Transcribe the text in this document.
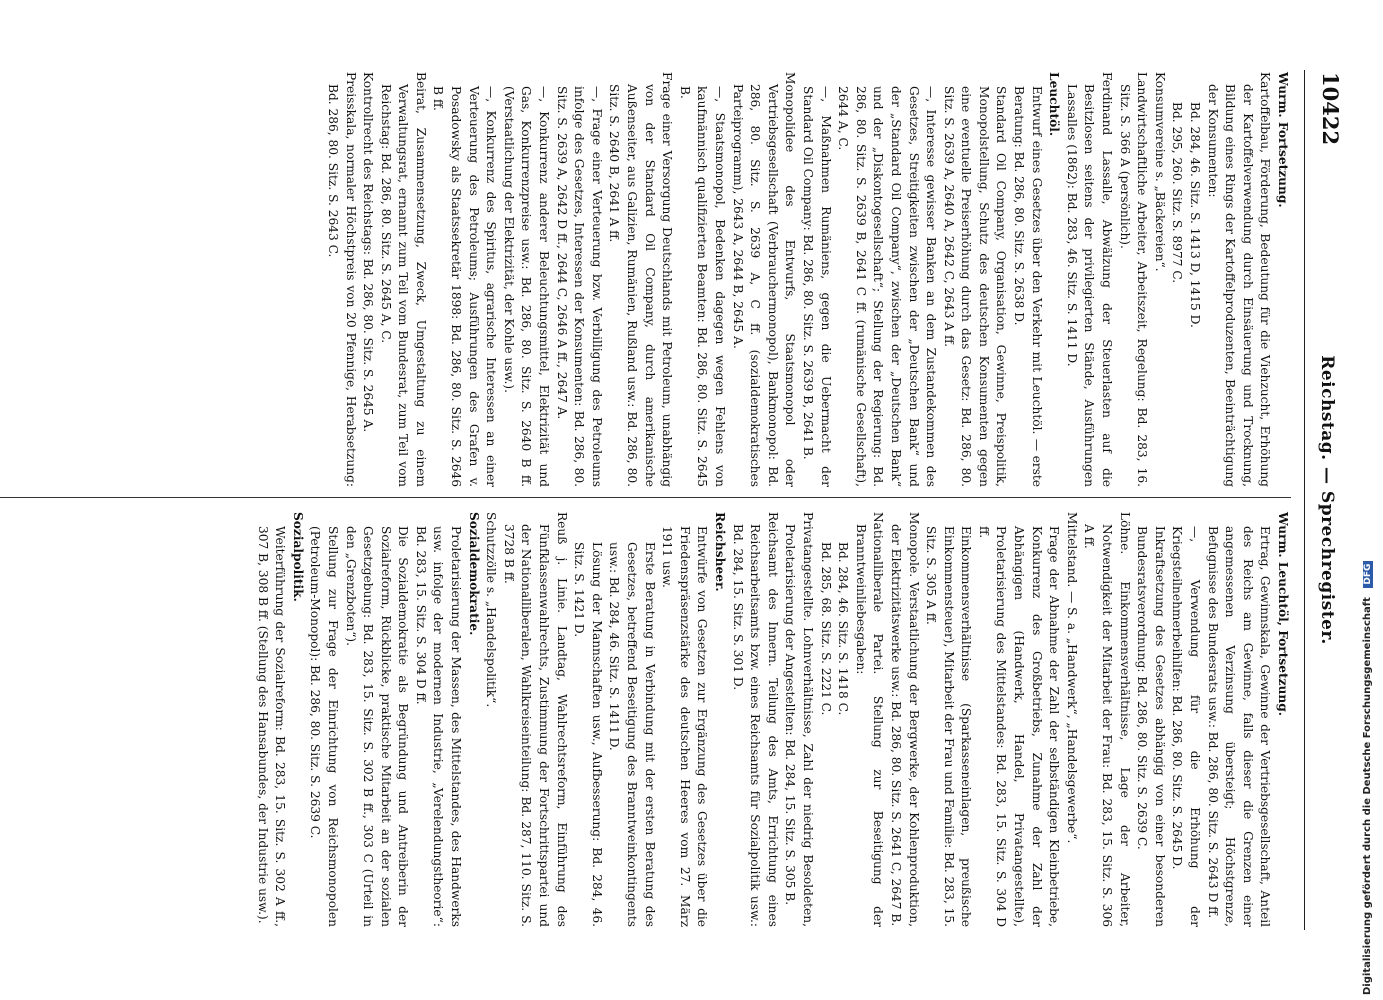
10422
Reichstag. — Sprechregister.

Wurm. Fortsetzung.

Kartoffelbau, Förderung, Bedeutung für die Viehzucht, Erhöhung der Kartoffelverwendung durch Einsäuerung und Trocknung, Bildung eines Rings der Kartoffelproduzenten, Beeinträchtigung der Konsumenten:

Bd. 284, 46. Sitz. S. 1413 D, 1415 D.

Bd. 295, 260. Sitz. S. 8977 C.

Konsumvereine s. „Bäckereien“.

Landwirtschaftliche Arbeiter, Arbeitszeit, Regelung: Bd. 283, 16. Sitz. S. 366 A (persönlich).

Ferdinand Lassalle, Abwälzung der Steuerlasten auf die Besitzlosen seitens der privilegierten Stände, Ausführungen Lassalles (1862): Bd. 283, 46. Sitz. S. 1411 D.

Leuchtöl.

Entwurf eines Gesetzes über den Verkehr mit Leuchtöl. — erste Beratung: Bd. 286, 80. Sitz. S. 2638 D.

Standard Oil Company, Organisation, Gewinne, Preispolitik, Monopolstellung, Schutz des deutschen Konsumenten gegen eine eventuelle Preiserhöhung durch das Gesetz: Bd. 286, 80. Sitz. S. 2639 A, 2640 A, 2642 C, 2643 A ff.

—, Interesse gewisser Banken an dem Zustandekommen des Gesetzes, Streitigkeiten zwischen der „Deutschen Bank“ und der „Standard Oil Company“, zwischen der „Deutschen Bank“ und der „Diskontogesellschaft“; Stellung der Regierung: Bd. 286, 80. Sitz. S. 2639 B, 2641 C ff. (rumänische Gesellschaft), 2644 A, C.

—, Maßnahmen Rumäniens, gegen die Uebermacht der Standard Oil Company: Bd. 286, 80. Sitz. S. 2639 B, 2641 B.

Monopolidee des Entwurfs, Staatsmonopol oder Vertriebsgesellschaft (Verbrauchermonopol), Bankmonopol: Bd. 286, 80. Sitz. S. 2639 A, C ff. (sozialdemokratisches Parteiprogramm), 2643 A, 2644 B, 2645 A.

—, Staatsmonopol, Bedenken dagegen wegen Fehlens von kaufmännisch qualifizierten Beamten: Bd. 286, 80. Sitz. S. 2645 B.

Frage einer Versorgung Deutschlands mit Petroleum, unabhängig von der Standard Oil Company, durch amerikanische Außenseiter, aus Galizien, Rumänien, Rußland usw.: Bd. 286, 80. Sitz. S. 2640 B, 2641 A ff.

—, Frage einer Verteuerung bzw. Verbilligung des Petroleums infolge des Gesetzes, Interessen der Konsumenten: Bd. 286, 80. Sitz. S. 2639 A, 2642 D ff., 2644 C, 2646 A ff., 2647 A.

—, Konkurrenz anderer Beleuchtungsmittel, Elektrizität und Gas, Konkurrenzpreise usw.: Bd. 286, 80. Sitz. S. 2640 B ff. (Verstaatlichung der Elektrizität, der Kohle usw.).

—, Konkurrenz des Spiritus, agrarische Interessen an einer Verteuerung des Petroleums; Ausführungen des Grafen v. Posadowsky als Staatssekretär 1898: Bd. 286, 80. Sitz. S. 2646 B ff.

Beirat, Zusammensetzung, Zweck, Umgestaltung zu einem Verwaltungsrat, ernannt zum Teil vom Bundesrat, zum Teil vom Reichstag: Bd. 286, 80. Sitz. S. 2645 A, C.

Kontrollrecht des Reichstags: Bd. 286, 80. Sitz. S. 2645 A.

Preisskala, normaler Höchstpreis von 20 Pfennige, Herabsetzung: Bd. 286, 80. Sitz. S. 2643 C.

Wurm. Leuchtöl, Fortsetzung.

Ertrag, Gewinnskala, Gewinne der Vertriebsgesellschaft, Anteil des Reichs am Gewinne, falls dieser die Grenzen einer angemessenen Verzinsung übersteigt; Höchstgrenze, Befugnisse des Bundesrats usw.: Bd. 286, 80. Sitz. S. 2643 D ff.

—, Verwendung für die Erhöhung der Kriegsteilnehmerbeihilfen: Bd. 286, 80. Sitz. S. 2645 D.

Inkraftsetzung des Gesetzes abhängig von einer besonderen Bundesratsverordnung: Bd. 286, 80. Sitz. S. 2639 C.

Löhne. Einkommensverhältnisse, Lage der Arbeiter, Notwendigkeit der Mitarbeit der Frau: Bd. 283, 15. Sitz. S. 306 A ff.

Mittelstand. — S. a. „Handwerk“, „Handelsgewerbe“.

Frage der Abnahme der Zahl der selbständigen Kleinbetriebe, Konkurrenz des Großbetriebs, Zunahme der Zahl der Abhängigen (Handwerk, Handel, Privatangestellte), Proletarisierung des Mittelstandes: Bd. 283, 15. Sitz. S. 304 D ff.

Einkommensverhältnisse (Sparkasseneinlagen, preußische Einkommensteuer), Mitarbeit der Frau und Familie: Bd. 283, 15. Sitz. S. 305 A ff.

Monopole. Verstaatlichung der Bergwerke, der Kohlenproduktion, der Elektrizitätswerke usw.: Bd. 286, 80. Sitz. S. 2641 C, 2647 B.

Nationalliberale Partei. Stellung zur Beseitigung der Branntweinliebesgaben:

Bd. 284, 46. Sitz. S. 1418 C.

Bd. 285, 68. Sitz. S. 2221 C.

Privatangestellte. Lohnverhältnisse, Zahl der niedrig Besoldeten, Proletarisierung der Angestellten: Bd. 284, 15. Sitz. S. 305 B.

Reichsamt des Innern. Teilung des Amts, Errichtung eines Reichsarbeitsamts bzw. eines Reichsamts für Sozialpolitik usw.: Bd. 284, 15. Sitz. S. 301 D.

Reichsheer.

Entwürfe von Gesetzen zur Ergänzung des Gesetzes über die Friedenspräsenzstärke des deutschen Heeres vom 27. März 1911 usw.

Erste Beratung in Verbindung mit der ersten Beratung des Gesetzes, betreffend Beseitigung des Branntweinkontingents usw.: Bd. 284, 46. Sitz. S. 1411 D.

Lösung der Mannschaften usw., Aufbesserung: Bd. 284, 46. Sitz. S. 1421 D.

Reuß j. Linie. Landtag, Wahlrechtsreform, Einführung des Fünfklassenwahlrechts, Zustimmung der Fortschrittspartei und der Nationalliberalen, Wahlkreiseinteilung: Bd. 287, 110. Sitz. S. 3728 B ff.

Schutzzölle s. „Handelspolitik“.

Sozialdemokratie.

Proletarisierung der Massen, des Mittelstandes, des Handwerks usw. infolge der modernen Industrie, „Verelendungstheorie“: Bd. 283, 15. Sitz. S. 304 D ff.

Die Sozialdemokratie als Begründung und Antreiberin der Sozialreform, Rückblicke, praktische Mitarbeit an der sozialen Gesetzgebung: Bd. 283, 15. Sitz. S. 302 B ff., 303 C (Urteil in den „Grenzboten“).

Stellung zur Frage der Einrichtung von Reichsmonopolen (Petroleum-Monopol): Bd. 286, 80. Sitz. S. 2639 C.

Sozialpolitik.

Weiterführung der Sozialreform: Bd. 283, 15. Sitz. S. 302 A ff., 307 B, 308 B ff. (Stellung des Hansabundes, der Industrie usw.).	Digitalisierung gefördert durch die Deutsche Forschungsgemeinschaft DFG
